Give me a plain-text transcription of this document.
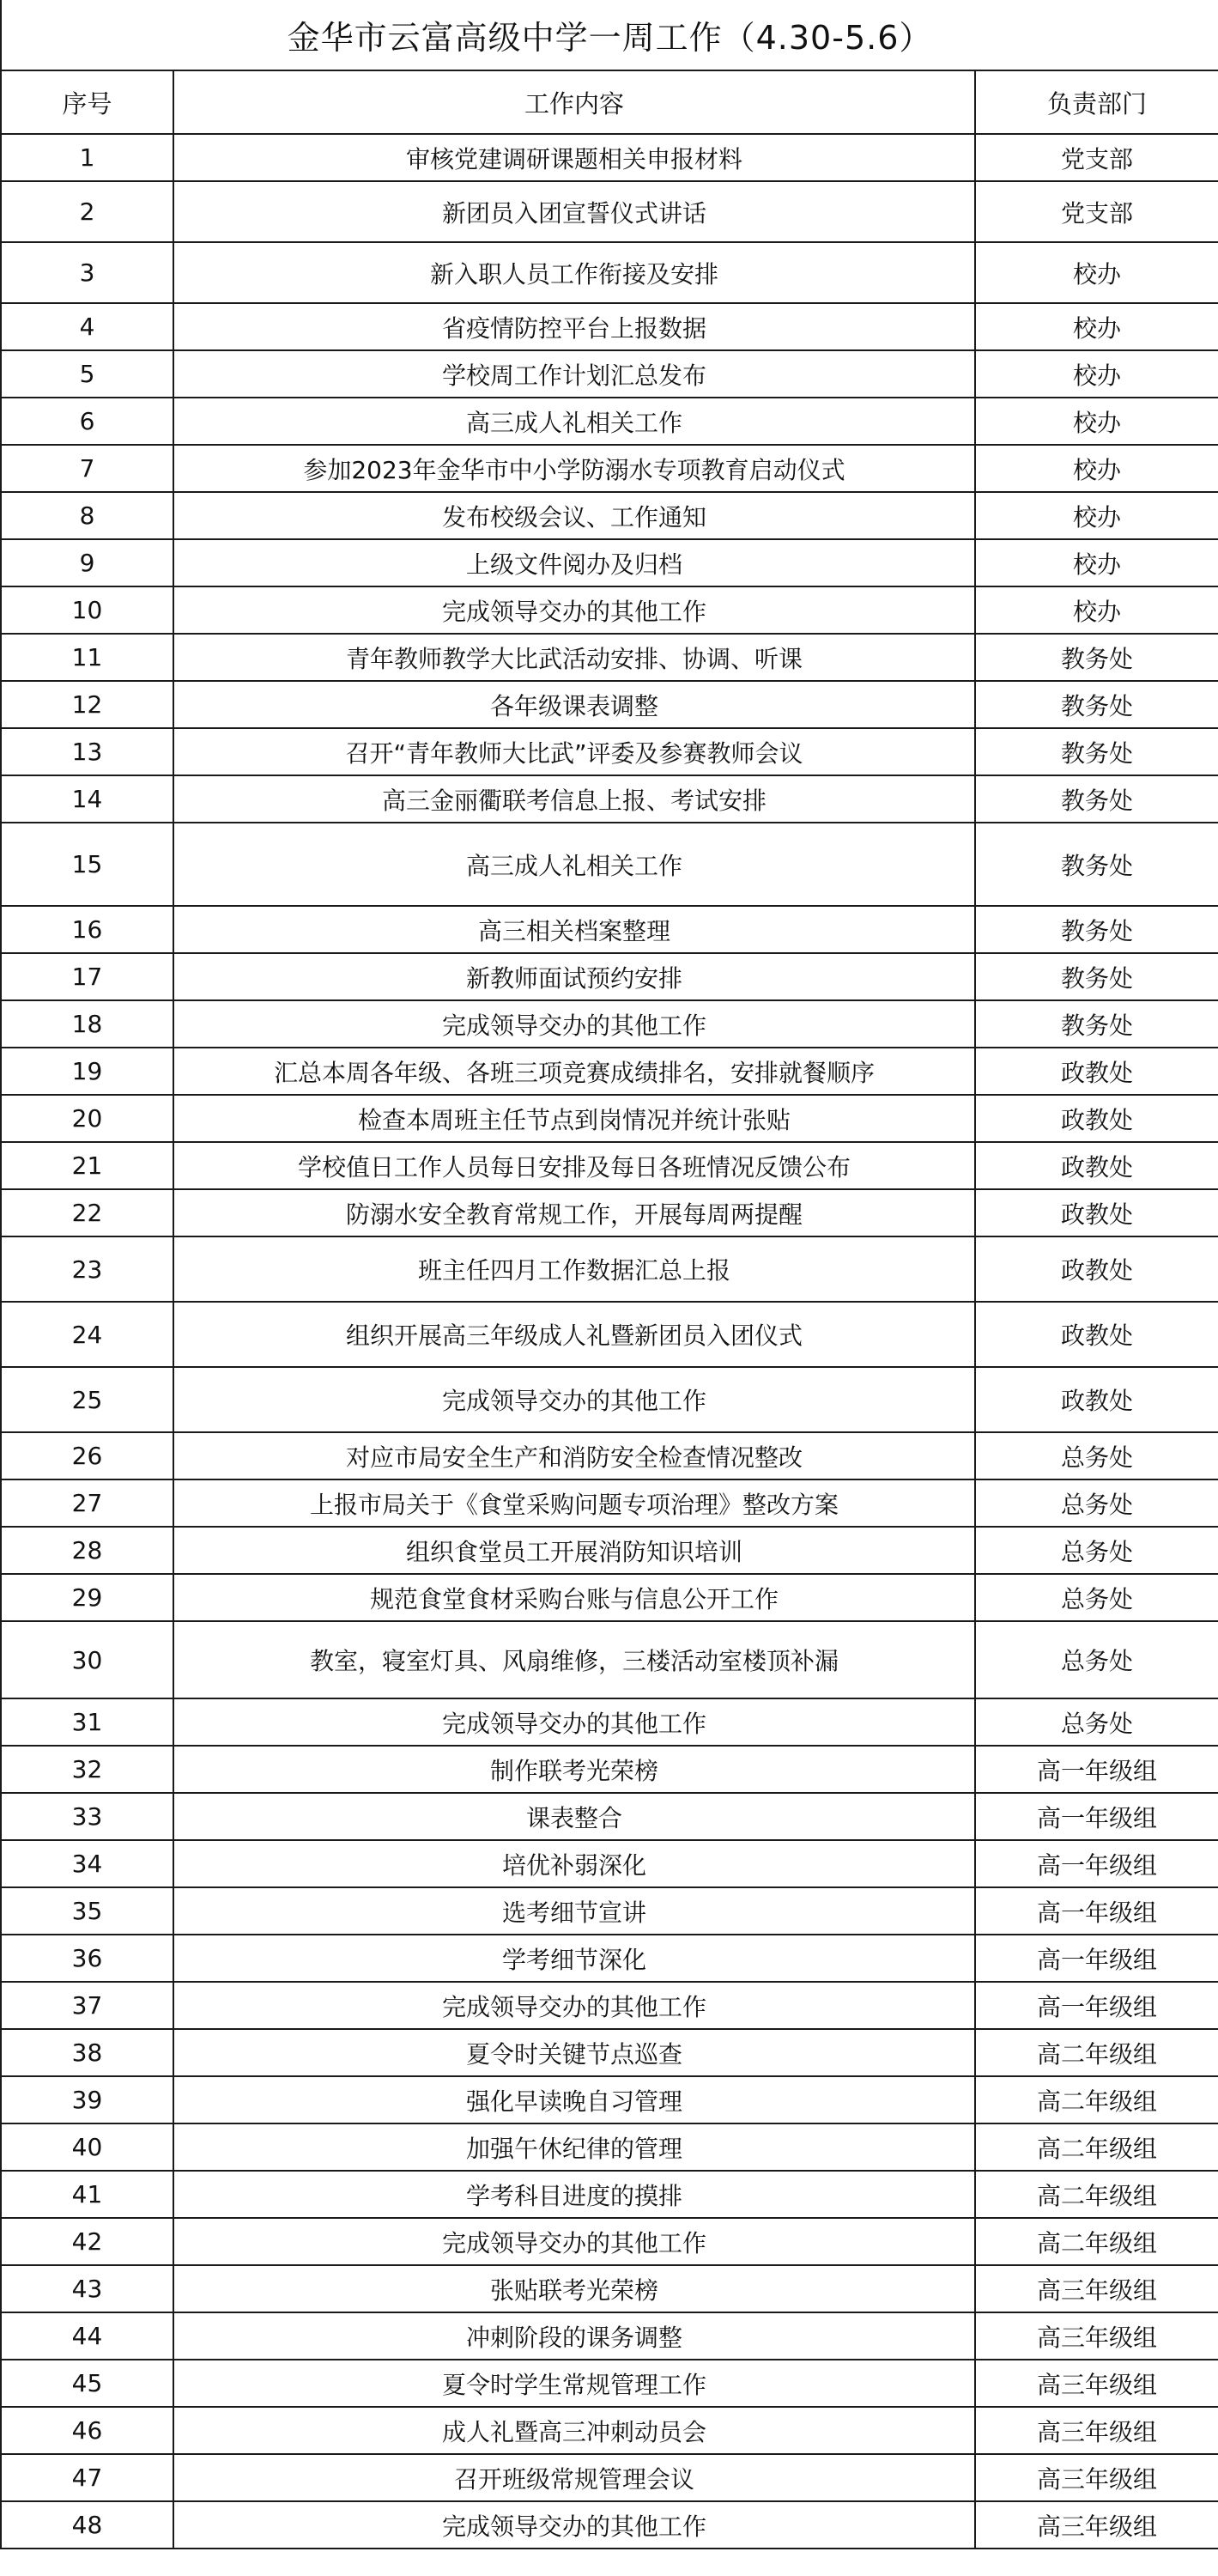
金华市云富高级中学一周工作（4.30-5.6）		
序号	工作内容	负责部门
1	审核党建调研课题相关申报材料	党支部
2	新团员入团宣誓仪式讲话	党支部
3	新入职人员工作衔接及安排	校办
4	省疫情防控平台上报数据	校办
5	学校周工作计划汇总发布	校办
6	高三成人礼相关工作	校办
7	参加2023年金华市中小学防溺水专项教育启动仪式	校办
8	发布校级会议、工作通知	校办
9	上级文件阅办及归档	校办
10	完成领导交办的其他工作	校办
11	青年教师教学大比武活动安排、协调、听课	教务处
12	各年级课表调整	教务处
13	召开“青年教师大比武”评委及参赛教师会议	教务处
14	高三金丽衢联考信息上报、考试安排	教务处
15	高三成人礼相关工作	教务处
16	高三相关档案整理	教务处
17	新教师面试预约安排	教务处
18	完成领导交办的其他工作	教务处
19	汇总本周各年级、各班三项竞赛成绩排名，安排就餐顺序	政教处
20	检查本周班主任节点到岗情况并统计张贴	政教处
21	学校值日工作人员每日安排及每日各班情况反馈公布	政教处
22	防溺水安全教育常规工作，开展每周两提醒	政教处
23	班主任四月工作数据汇总上报	政教处
24	组织开展高三年级成人礼暨新团员入团仪式	政教处
25	完成领导交办的其他工作	政教处
26	对应市局安全生产和消防安全检查情况整改	总务处
27	上报市局关于《食堂采购问题专项治理》整改方案	总务处
28	组织食堂员工开展消防知识培训	总务处
29	规范食堂食材采购台账与信息公开工作	总务处
30	教室，寝室灯具、风扇维修，三楼活动室楼顶补漏	总务处
31	完成领导交办的其他工作	总务处
32	制作联考光荣榜	高一年级组
33	课表整合	高一年级组
34	培优补弱深化	高一年级组
35	选考细节宣讲	高一年级组
36	学考细节深化	高一年级组
37	完成领导交办的其他工作	高一年级组
38	夏令时关键节点巡查	高二年级组
39	强化早读晚自习管理	高二年级组
40	加强午休纪律的管理	高二年级组
41	学考科目进度的摸排	高二年级组
42	完成领导交办的其他工作	高二年级组
43	张贴联考光荣榜	高三年级组
44	冲刺阶段的课务调整	高三年级组
45	夏令时学生常规管理工作	高三年级组
46	成人礼暨高三冲刺动员会	高三年级组
47	召开班级常规管理会议	高三年级组
48	完成领导交办的其他工作	高三年级组
